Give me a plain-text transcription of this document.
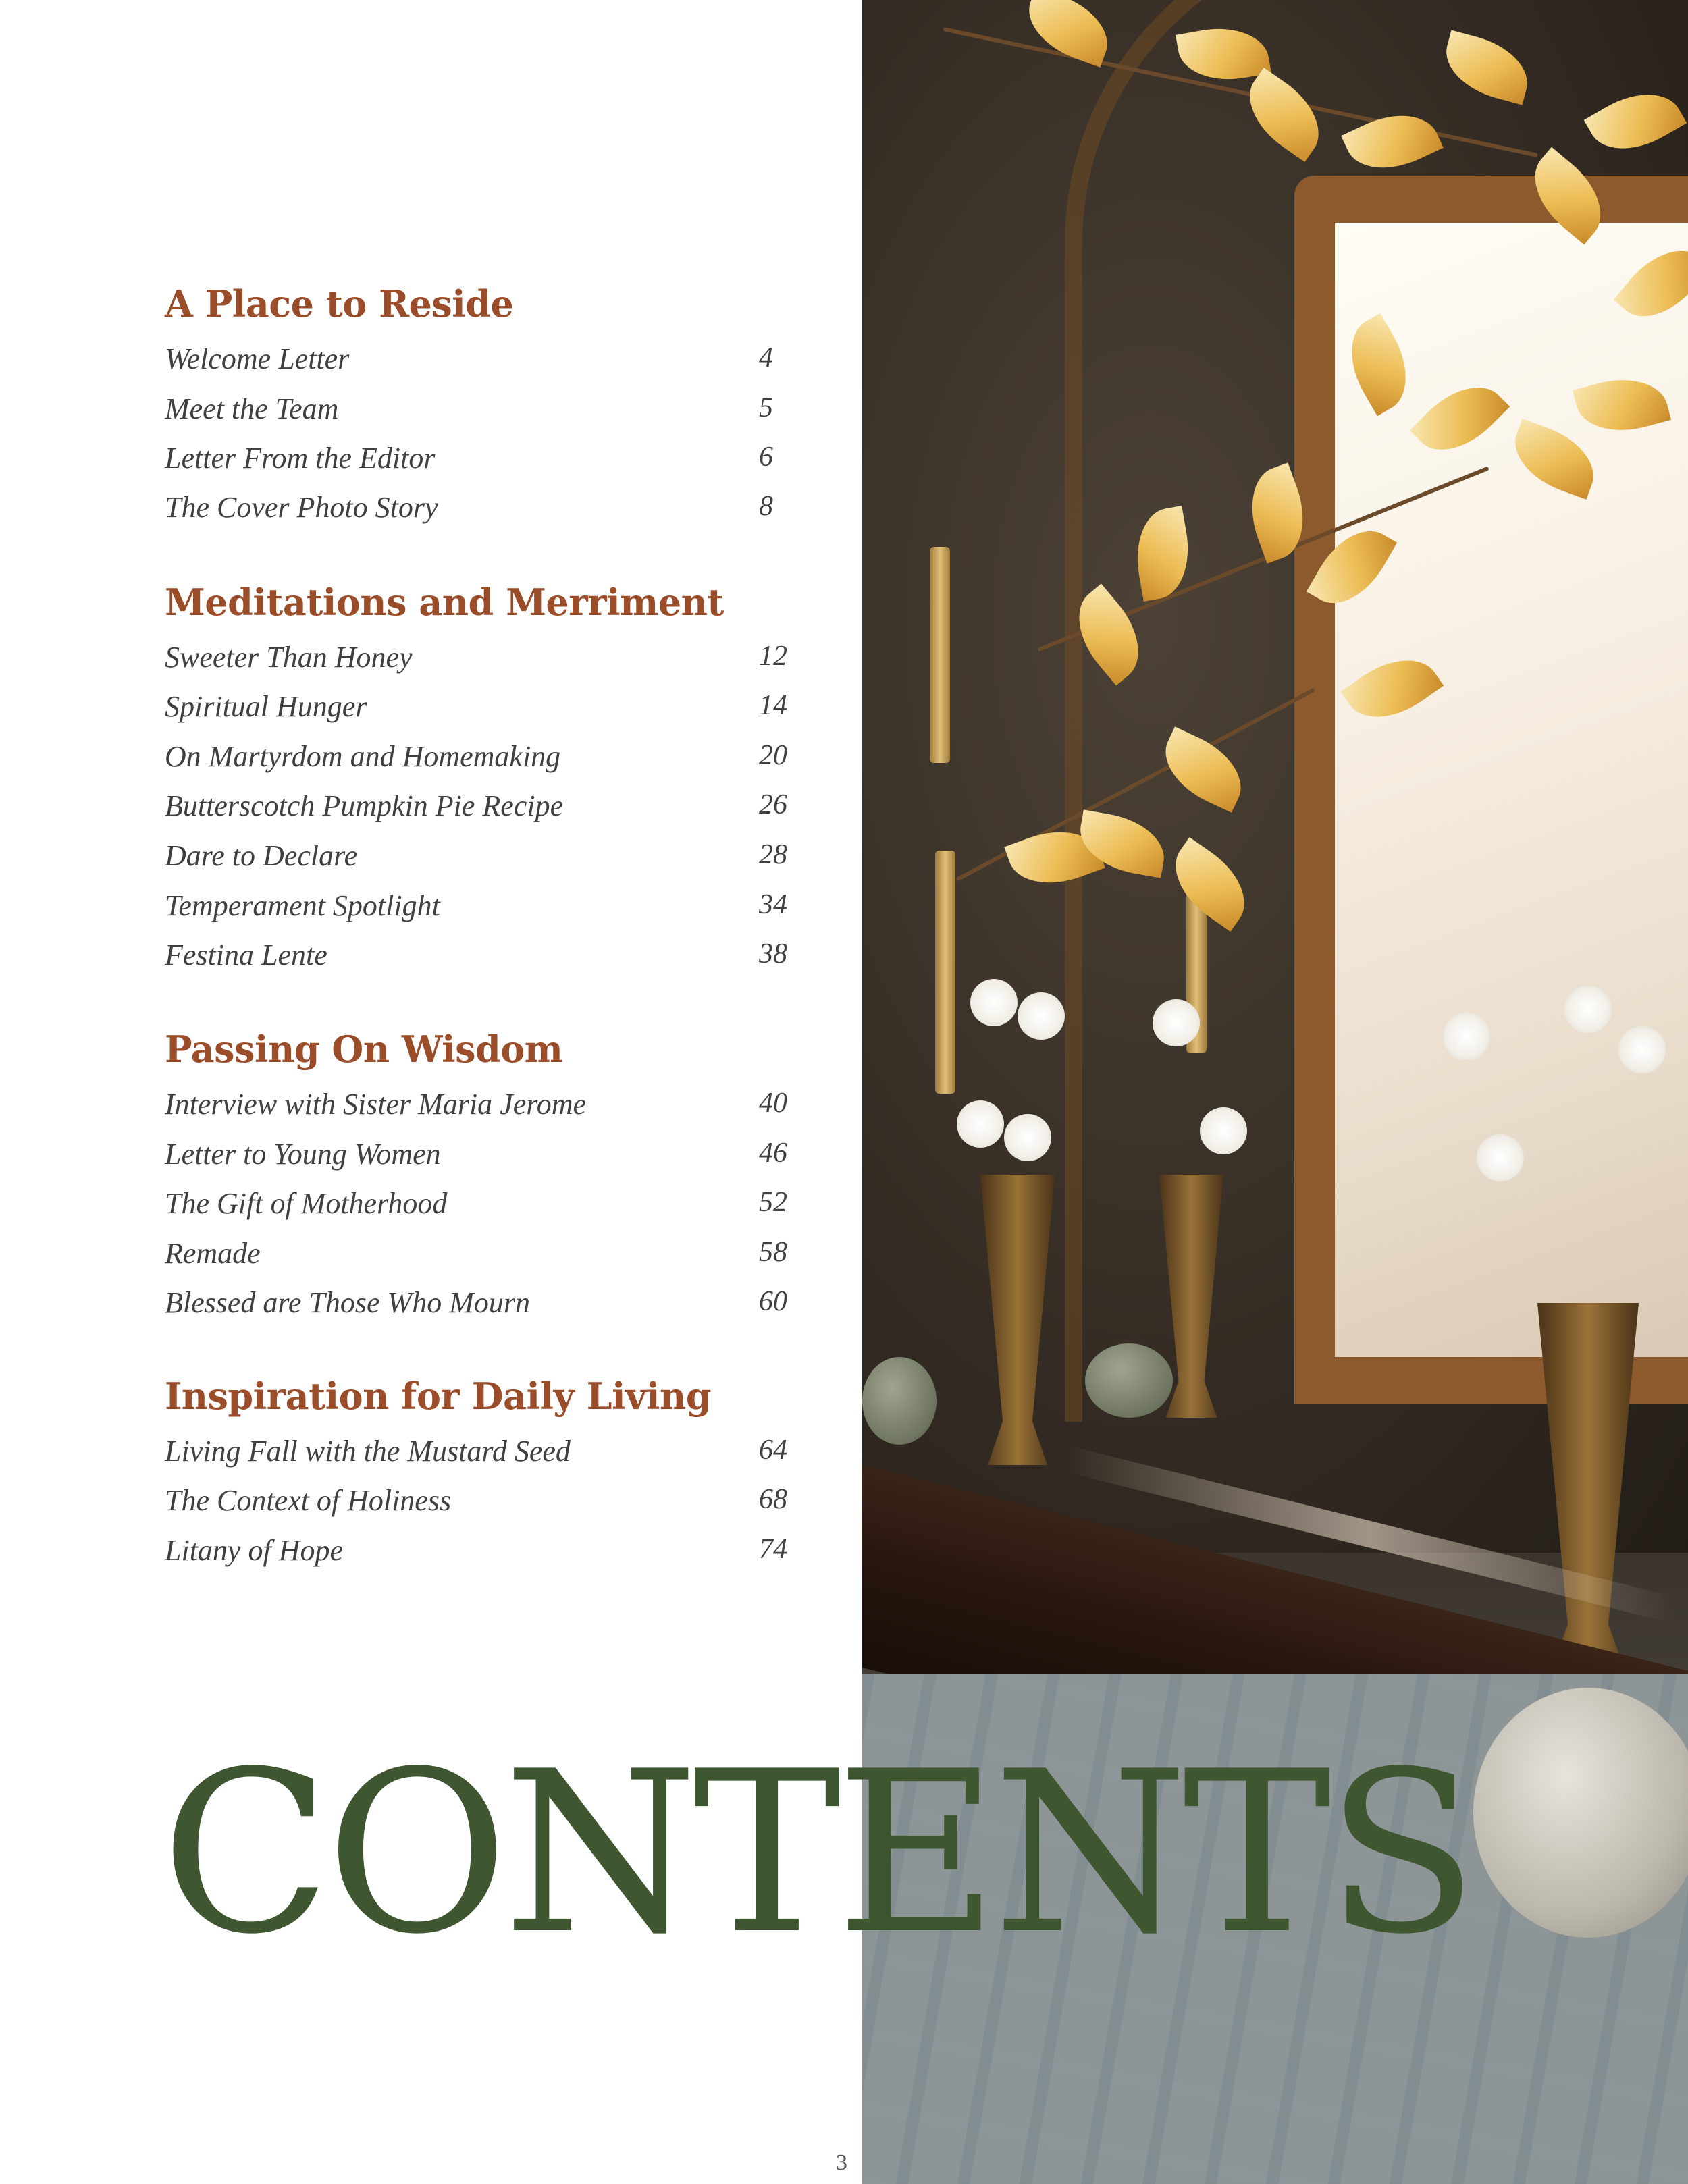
A Place to Reside
Welcome Letter	4
Meet the Team	5
Letter From the Editor	6
The Cover Photo Story	8
Meditations and Merriment
Sweeter Than Honey	12
Spiritual Hunger	14
On Martyrdom and Homemaking	20
Butterscotch Pumpkin Pie Recipe	26
Dare to Declare	28
Temperament Spotlight	34
Festina Lente	38
Passing On Wisdom
Interview with Sister Maria Jerome	40
Letter to Young Women	46
The Gift of Motherhood	52
Remade	58
Blessed are Those Who Mourn	60
Inspiration for Daily Living
Living Fall with the Mustard Seed	64
The Context of Holiness	68
Litany of Hope	74
CONTENTS
3
